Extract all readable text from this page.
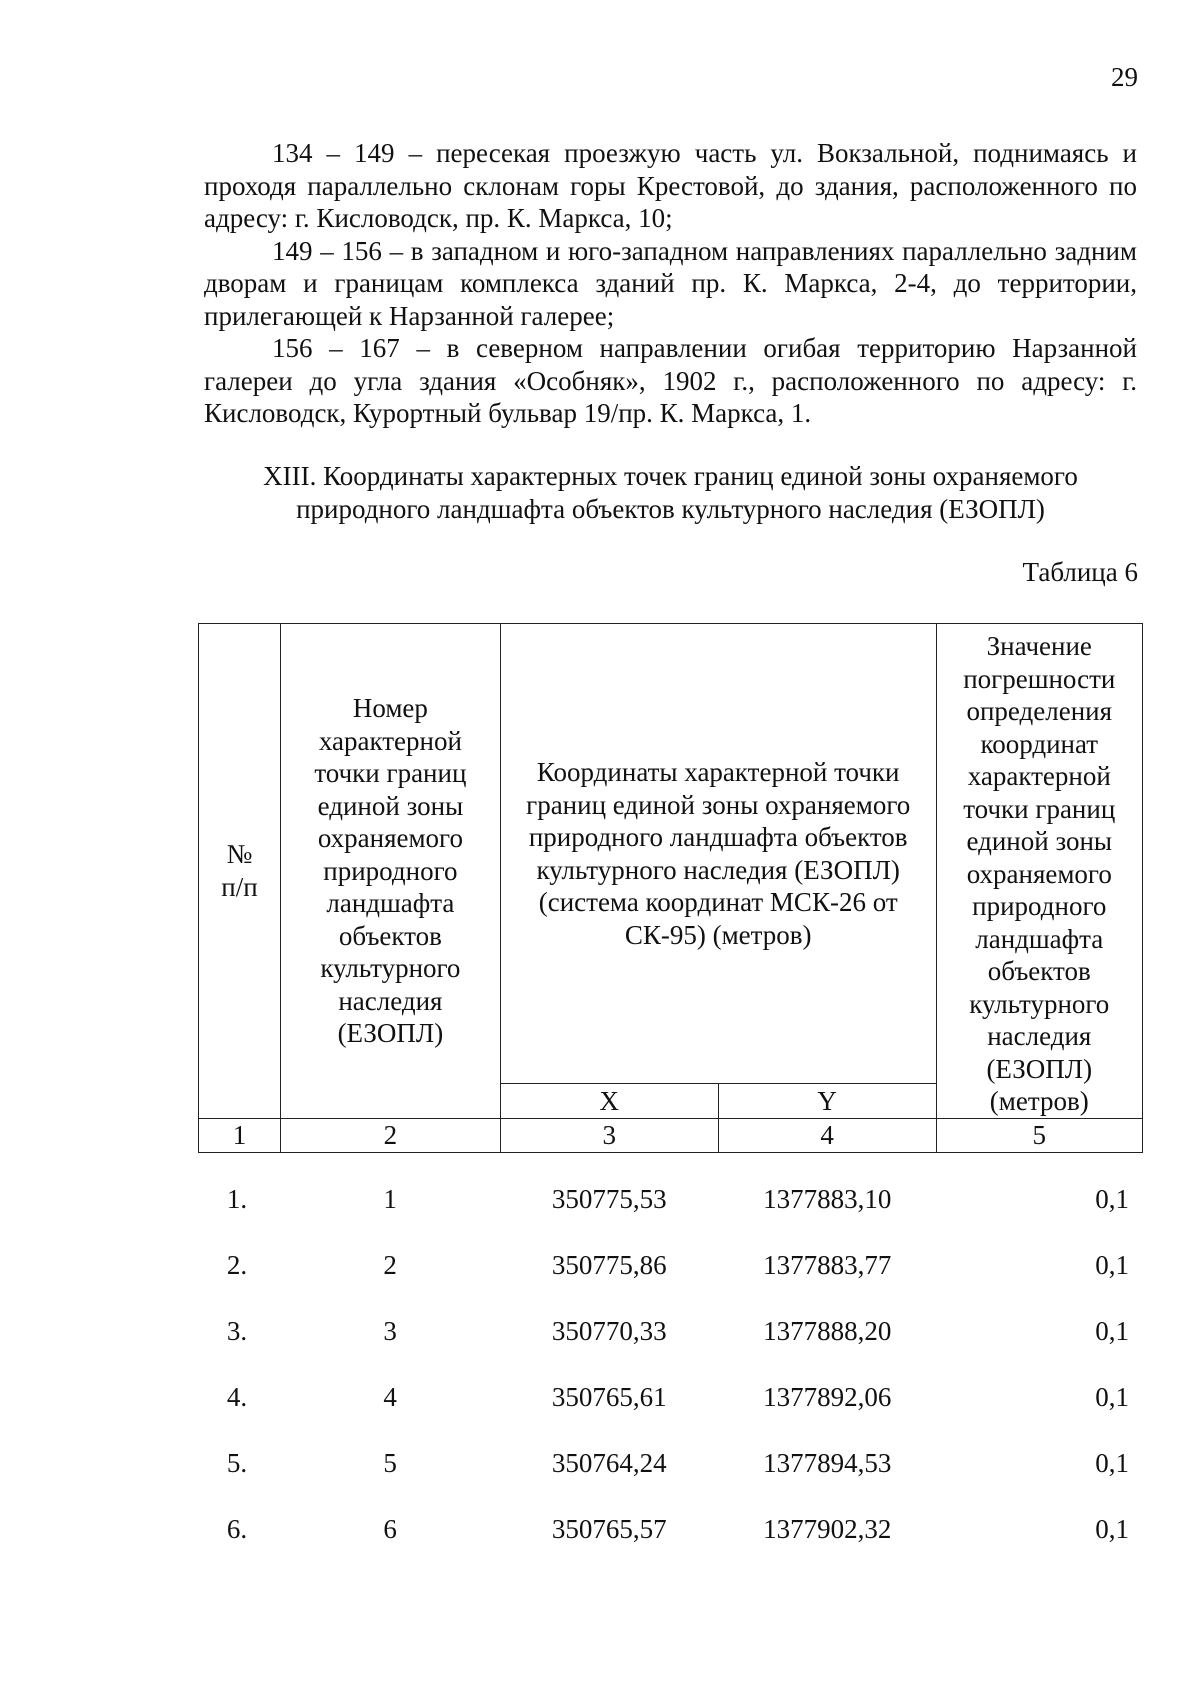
29

134 – 149 – пересекая проезжую часть ул. Вокзальной, поднимаясь и проходя параллельно склонам горы Крестовой, до здания, расположенного по адресу: г. Кисловодск, пр. К. Маркса, 10;

149 – 156 – в западном и юго-западном направлениях параллельно задним дворам и границам комплекса зданий пр. К. Маркса, 2-4, до территории, прилегающей к Нарзанной галерее;

156 – 167 – в северном направлении огибая территорию Нарзанной галереи до угла здания «Особняк», 1902 г., расположенного по адресу: г. Кисловодск, Курортный бульвар 19/пр. К. Маркса, 1.

XIII. Координаты характерных точек границ единой зоны охраняемого
природного ландшафта объектов культурного наследия (ЕЗОПЛ)
Таблица 6
№ п/п	Номер характерной точки границ единой зоны охраняемого природного ландшафта объектов культурного наследия (ЕЗОПЛ)	Координаты характерной точки границ единой зоны охраняемого природного ландшафта объектов культурного наследия (ЕЗОПЛ) (система координат МСК-26 от СК-95) (метров)		Значение погрешности определения координат характерной точки границ единой зоны охраняемого природного ландшафта объектов культурного наследия (ЕЗОПЛ) (метров)
		X	Y	
1	2	3	4	5
1.	1	350775,53	1377883,10	0,1
2.	2	350775,86	1377883,77	0,1
3.	3	350770,33	1377888,20	0,1
4.	4	350765,61	1377892,06	0,1
5.	5	350764,24	1377894,53	0,1
6.	6	350765,57	1377902,32	0,1
